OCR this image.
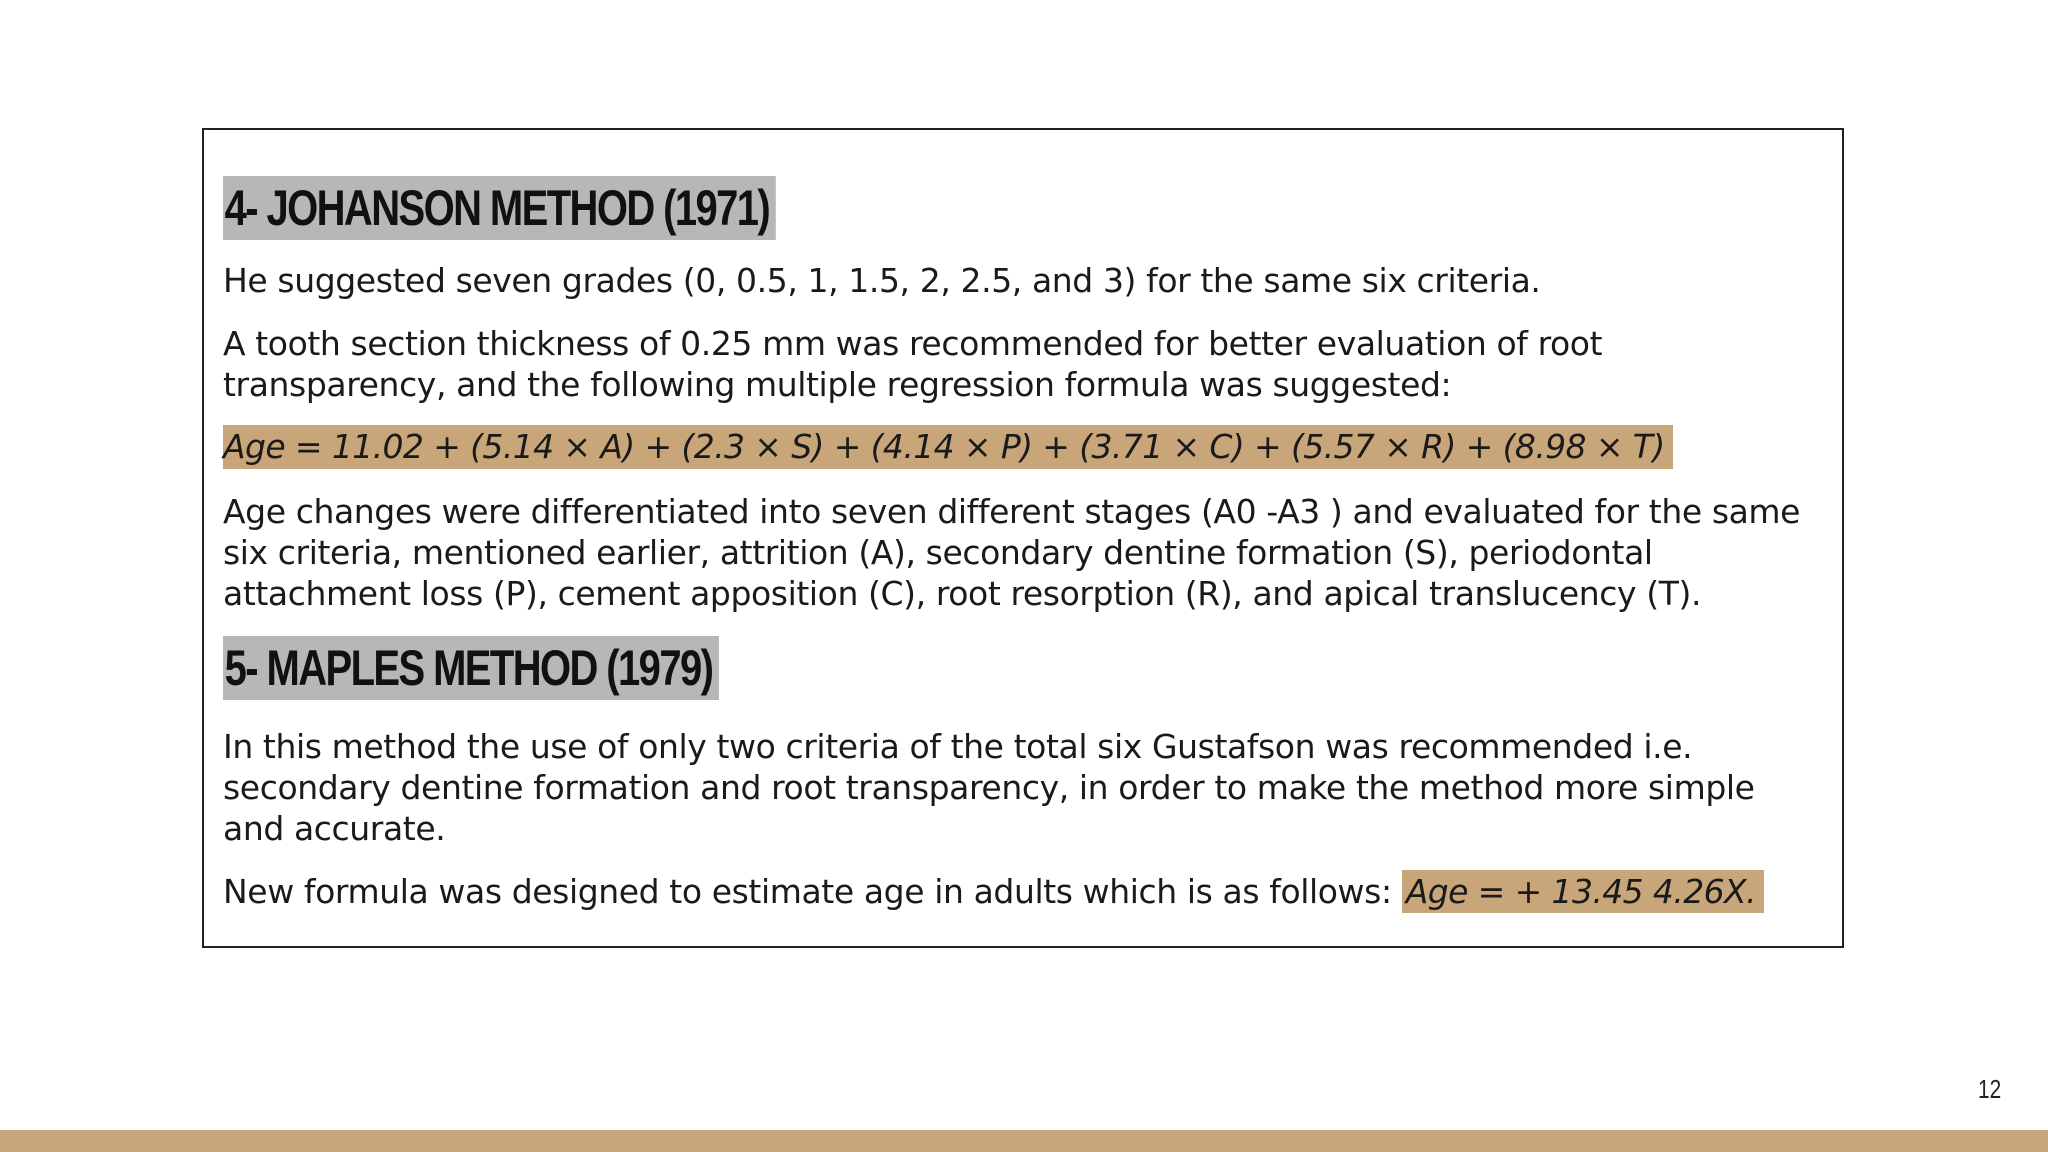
4- JOHANSON METHOD (1971)

He suggested seven grades (0, 0.5, 1, 1.5, 2, 2.5, and 3) for the same six criteria.

A tooth section thickness of 0.25 mm was recommended for better evaluation of root transparency, and the following multiple regression formula was suggested:

Age = 11.02 + (5.14 × A) + (2.3 × S) + (4.14 × P) + (3.71 × C) + (5.57 × R) + (8.98 × T)

Age changes were differentiated into seven different stages (A0 -A3 ) and evaluated for the same six criteria, mentioned earlier, attrition (A), secondary dentine formation (S), periodontal attachment loss (P), cement apposition (C), root resorption (R), and apical translucency (T).

5- MAPLES METHOD (1979)

In this method the use of only two criteria of the total six Gustafson was recommended i.e. secondary dentine formation and root transparency, in order to make the method more simple and accurate.

New formula was designed to estimate age in adults which is as follows: Age = + 13.45 4.26X.

12
